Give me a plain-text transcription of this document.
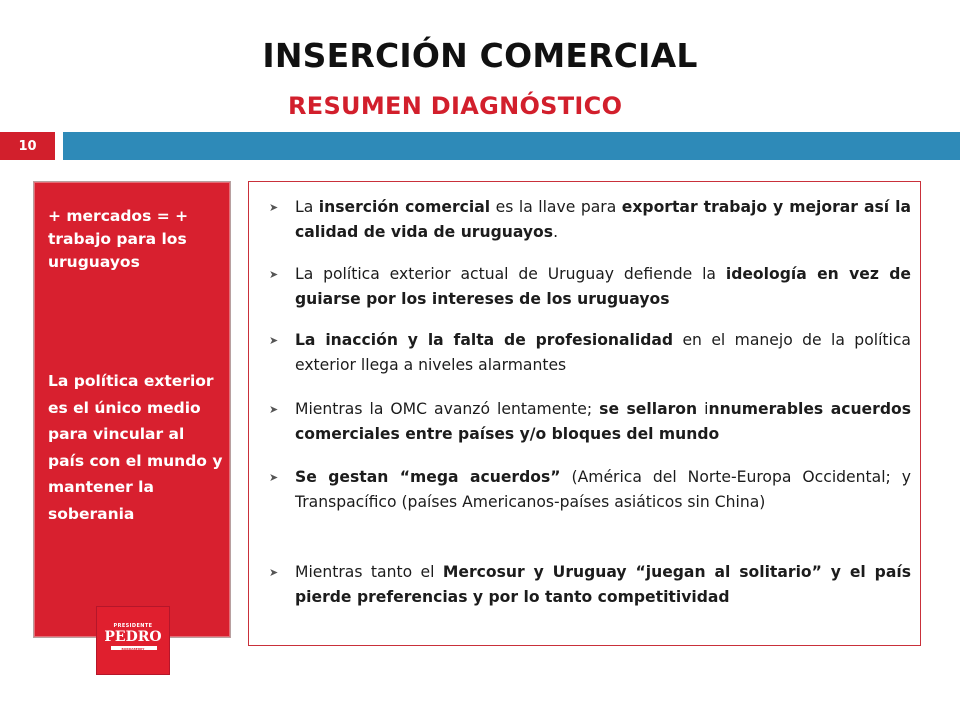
INSERCIÓN COMERCIAL
RESUMEN DIAGNÓSTICO
10
+ mercados = + trabajo para los uruguayos
La política exterior es el único medio para vincular al país con el mundo y mantener la soberania
PRESIDENTE
PEDRO
BORDABERRY
➤	La inserción comercial es la llave para exportar trabajo y mejorar así la calidad de vida de uruguayos.
➤	La política exterior actual de Uruguay defiende la ideología en vez de guiarse por los intereses de los uruguayos
➤	La inacción y la falta de profesionalidad en el manejo de la política exterior llega a niveles alarmantes
➤	Mientras la OMC avanzó lentamente; se sellaron innumerables acuerdos comerciales entre países y/o bloques del mundo
➤	Se gestan “mega acuerdos” (América del Norte-Europa Occidental; y Transpacífico (países Americanos-países asiáticos sin China)
➤	Mientras tanto el Mercosur y Uruguay “juegan al solitario” y el país pierde preferencias y por lo tanto competitividad
